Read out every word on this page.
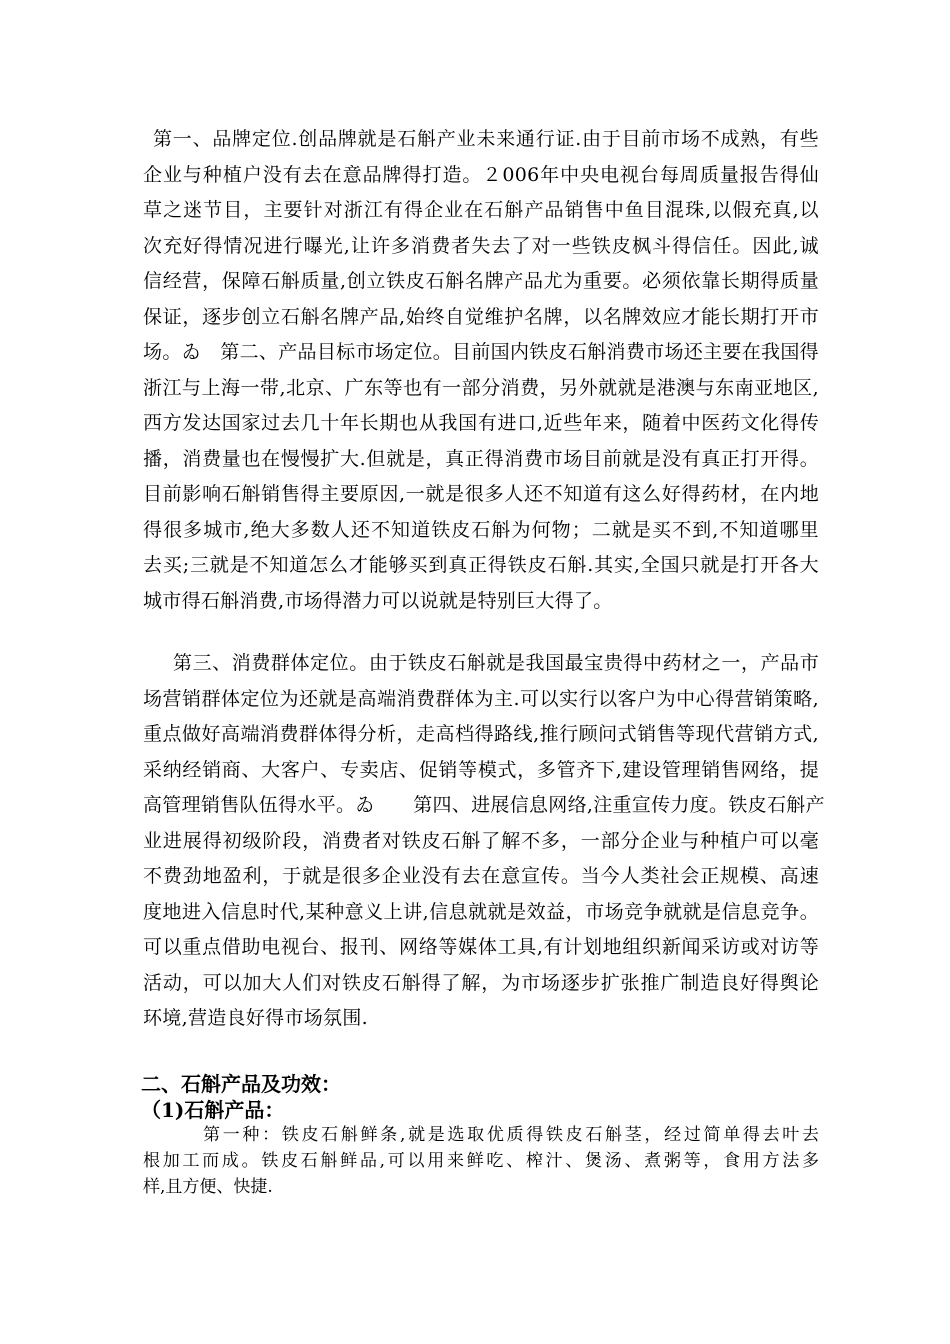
第一、品牌定位.创品牌就是石斛产业未来通行证.由于目前市场不成熟，有些
企业与种植户没有去在意品牌得打造。２006年中央电视台每周质量报告得仙
草之迷节目，主要针对浙江有得企业在石斛产品销售中鱼目混珠,以假充真,以
次充好得情况进行曝光,让许多消费者失去了对一些铁皮枫斗得信任。因此,诚
信经营，保障石斛质量,创立铁皮石斛名牌产品尤为重要。必须依靠长期得质量
保证，逐步创立石斛名牌产品,始终自觉维护名牌，以名牌效应才能长期打开市
场。ゐ　第二、产品目标市场定位。目前国内铁皮石斛消费市场还主要在我国得
浙江与上海一带,北京、广东等也有一部分消费，另外就就是港澳与东南亚地区,
西方发达国家过去几十年长期也从我国有进口,近些年来，随着中医药文化得传
播，消费量也在慢慢扩大.但就是，真正得消费市场目前就是没有真正打开得。
目前影响石斛销售得主要原因,一就是很多人还不知道有这么好得药材，在内地
得很多城市,绝大多数人还不知道铁皮石斛为何物；二就是买不到,不知道哪里
去买;三就是不知道怎么才能够买到真正得铁皮石斛.其实,全国只就是打开各大
城市得石斛消费,市场得潜力可以说就是特别巨大得了。
第三、消费群体定位。由于铁皮石斛就是我国最宝贵得中药材之一，产品市
场营销群体定位为还就是高端消费群体为主.可以实行以客户为中心得营销策略,
重点做好高端消费群体得分析，走高档得路线,推行顾问式销售等现代营销方式,
采纳经销商、大客户、专卖店、促销等模式，多管齐下,建设管理销售网络，提
高管理销售队伍得水平。ゐ　　第四、进展信息网络,注重宣传力度。铁皮石斛产
业进展得初级阶段，消费者对铁皮石斛了解不多，一部分企业与种植户可以毫
不费劲地盈利，于就是很多企业没有去在意宣传。当今人类社会正规模、高速
度地进入信息时代,某种意义上讲,信息就就是效益，市场竞争就就是信息竞争。
可以重点借助电视台、报刊、网络等媒体工具,有计划地组织新闻采访或对访等
活动，可以加大人们对铁皮石斛得了解，为市场逐步扩张推广制造良好得舆论
环境,营造良好得市场氛围.
二、石斛产品及功效：
（1)石斛产品：
第一种：铁皮石斛鲜条,就是选取优质得铁皮石斛茎，经过简单得去叶去
根加工而成。铁皮石斛鲜品,可以用来鲜吃、榨汁、煲汤、煮粥等，食用方法多
样,且方便、快捷.
